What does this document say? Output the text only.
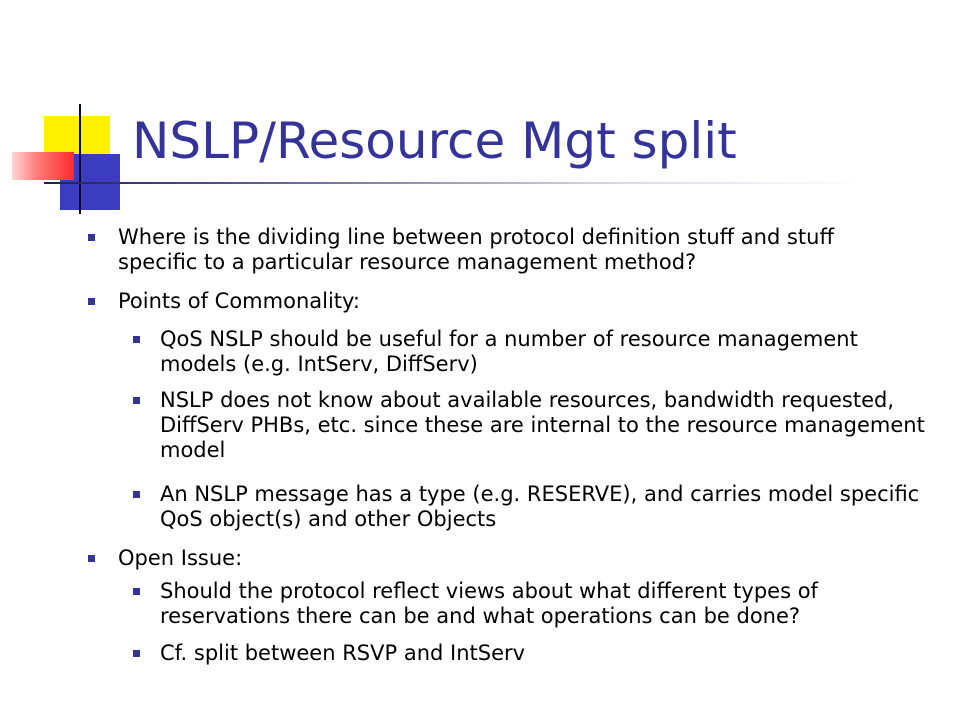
NSLP/Resource Mgt split
Where is the dividing line between protocol definition stuff and stuff specific to a particular resource management method?
Points of Commonality:
QoS NSLP should be useful for a number of resource management models (e.g. IntServ, DiffServ)
NSLP does not know about available resources, bandwidth requested, DiffServ PHBs, etc. since these are internal to the resource management model
An NSLP message has a type (e.g. RESERVE), and carries model specific QoS object(s) and other Objects
Open Issue:
Should the protocol reflect views about what different types of reservations there can be and what operations can be done?
Cf. split between RSVP and IntServ
